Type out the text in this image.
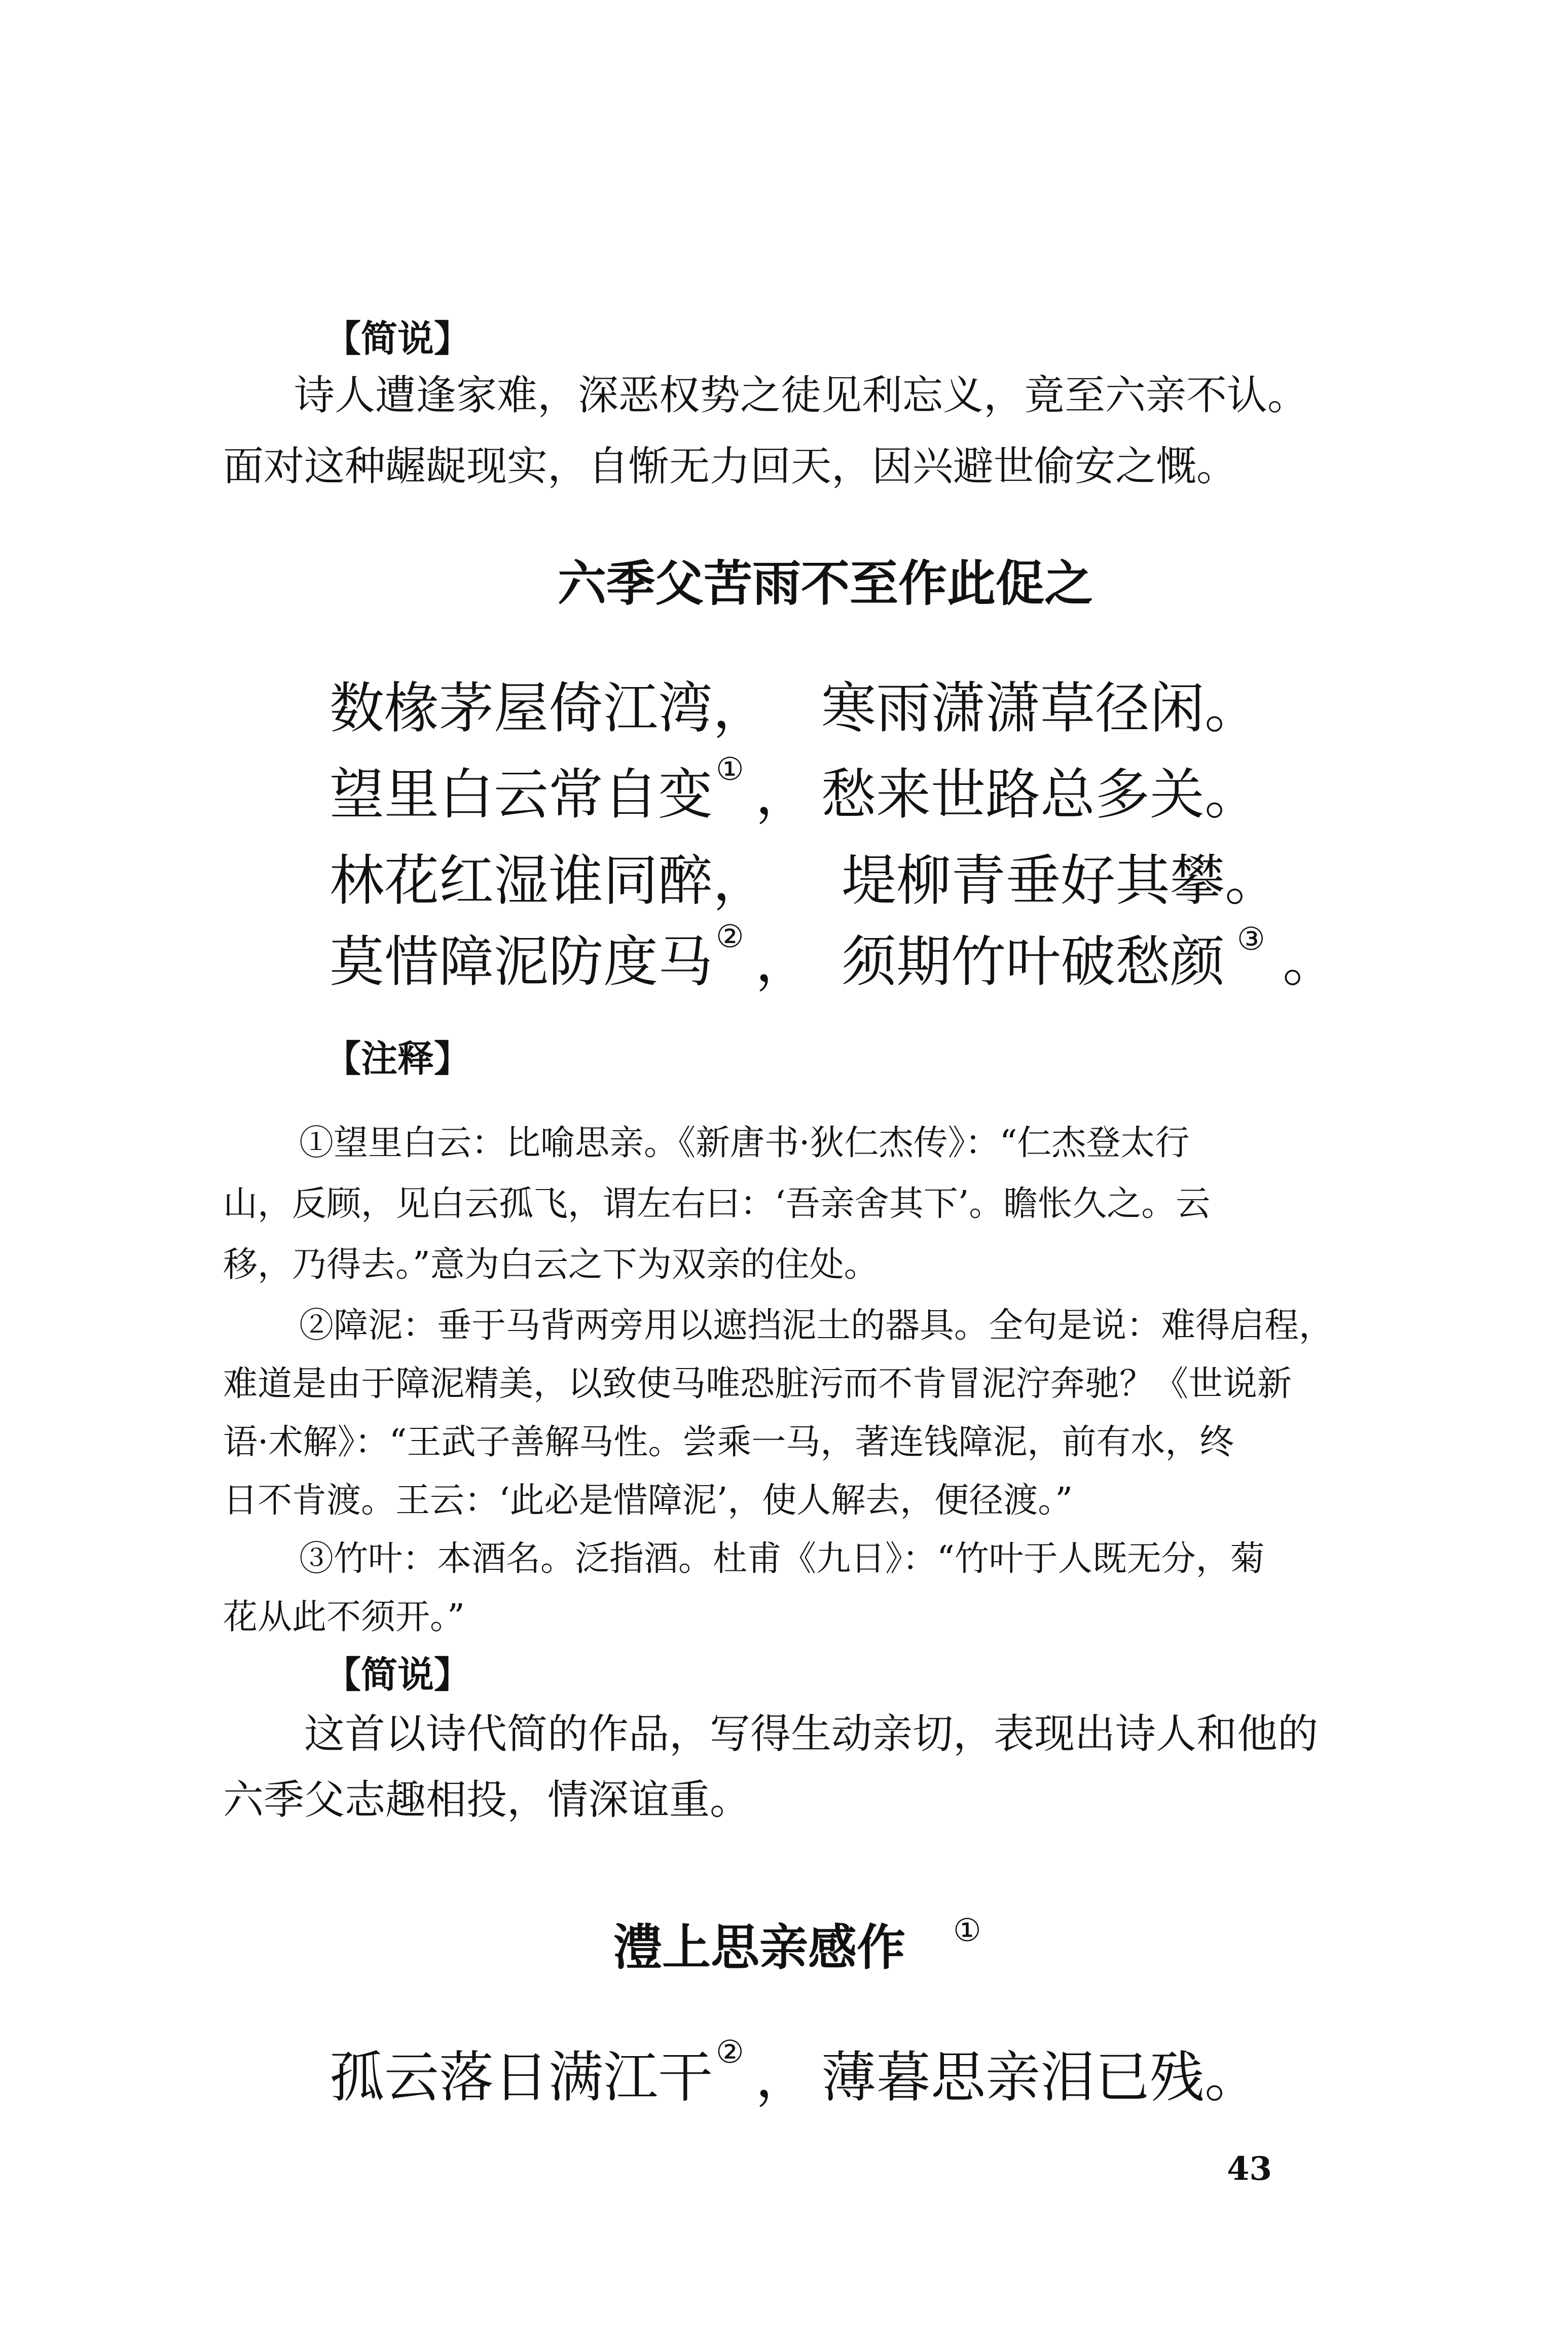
【简说】
诗人遭逢家难，深恶权势之徒见利忘义，竟至六亲不认。
面对这种龌龊现实，自惭无力回天，因兴避世偷安之慨。
六季父苦雨不至作此促之
数椽茅屋倚江湾， 寒雨潇潇草径闲。
望里白云常自变 ① ， 愁来世路总多关。
林花红湿谁同醉， 堤柳青垂好其攀。
莫惜障泥防度马 ② ， 须期竹叶破愁颜 ③ 。
【注释】
①望里白云：比喻思亲。《新唐书·狄仁杰传》：“仁杰登太行
山，反顾，见白云孤飞，谓左右曰：‘吾亲舍其下’。瞻怅久之。云
移，乃得去。”意为白云之下为双亲的住处。
②障泥：垂于马背两旁用以遮挡泥土的器具。全句是说：难得启程，
难道是由于障泥精美，以致使马唯恐脏污而不肯冒泥泞奔驰？《世说新
语·术解》：“王武子善解马性。尝乘一马，著连钱障泥，前有水，终
日不肯渡。王云：‘此必是惜障泥’，使人解去，便径渡。”
③竹叶：本酒名。泛指酒。杜甫《九日》：“竹叶于人既无分，菊
花从此不须开。”
【简说】
这首以诗代简的作品，写得生动亲切，表现出诗人和他的
六季父志趣相投，情深谊重。
澧上思亲感作 ①
孤云落日满江干 ② ， 薄暮思亲泪已残。
43
